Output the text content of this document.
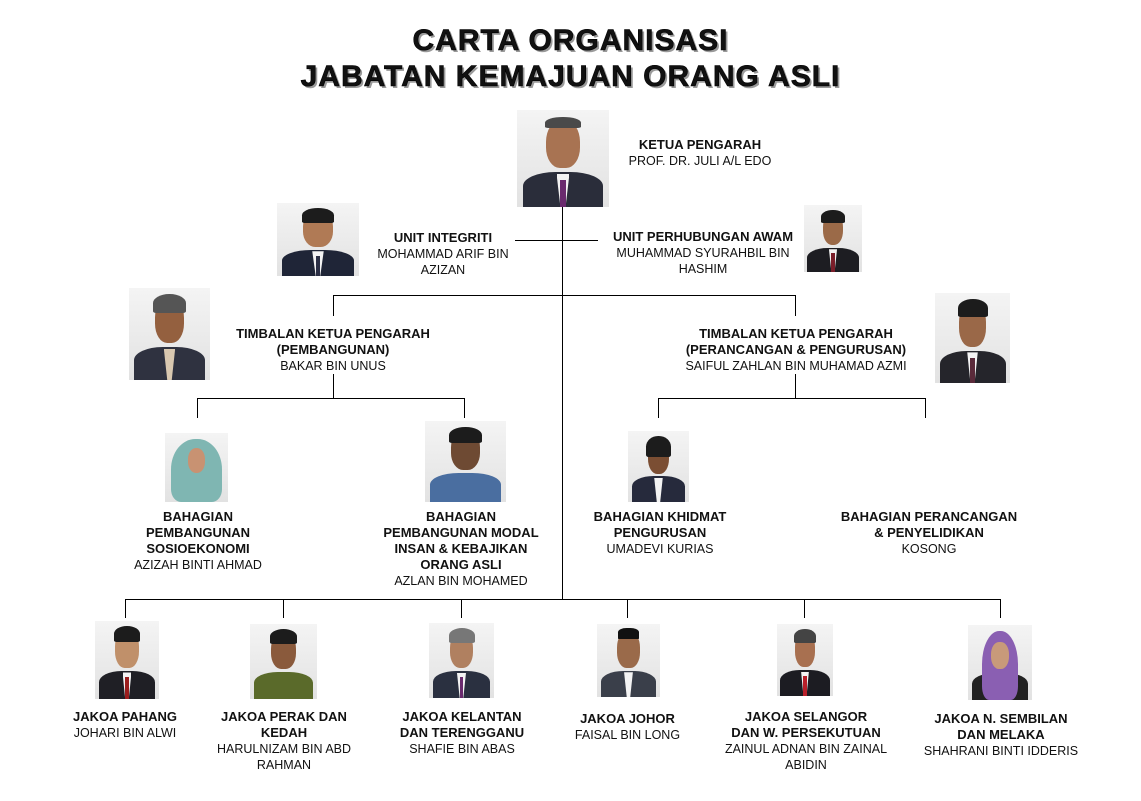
CARTA ORGANISASI
JABATAN KEMAJUAN ORANG ASLI
KETUA PENGARAH
PROF. DR. JULI A/L EDO
UNIT INTEGRITI
MOHAMMAD ARIF BIN
AZIZAN
UNIT PERHUBUNGAN AWAM
MUHAMMAD SYURAHBIL BIN
HASHIM
TIMBALAN KETUA PENGARAH
(PEMBANGUNAN)
BAKAR BIN UNUS
TIMBALAN KETUA PENGARAH
(PERANCANGAN & PENGURUSAN)
SAIFUL ZAHLAN BIN MUHAMAD AZMI
BAHAGIAN
PEMBANGUNAN
SOSIOEKONOMI
AZIZAH BINTI AHMAD
BAHAGIAN
PEMBANGUNAN MODAL
INSAN & KEBAJIKAN
ORANG ASLI
AZLAN BIN MOHAMED
BAHAGIAN KHIDMAT
PENGURUSAN
UMADEVI KURIAS
BAHAGIAN PERANCANGAN
& PENYELIDIKAN
KOSONG
JAKOA PAHANG
JOHARI BIN ALWI
JAKOA PERAK DAN
KEDAH
HARULNIZAM BIN ABD
RAHMAN
JAKOA KELANTAN
DAN TERENGGANU
SHAFIE BIN ABAS
JAKOA JOHOR
FAISAL BIN LONG
JAKOA SELANGOR
DAN W. PERSEKUTUAN
ZAINUL ADNAN BIN ZAINAL
ABIDIN
JAKOA N. SEMBILAN
DAN MELAKA
SHAHRANI BINTI IDDERIS
